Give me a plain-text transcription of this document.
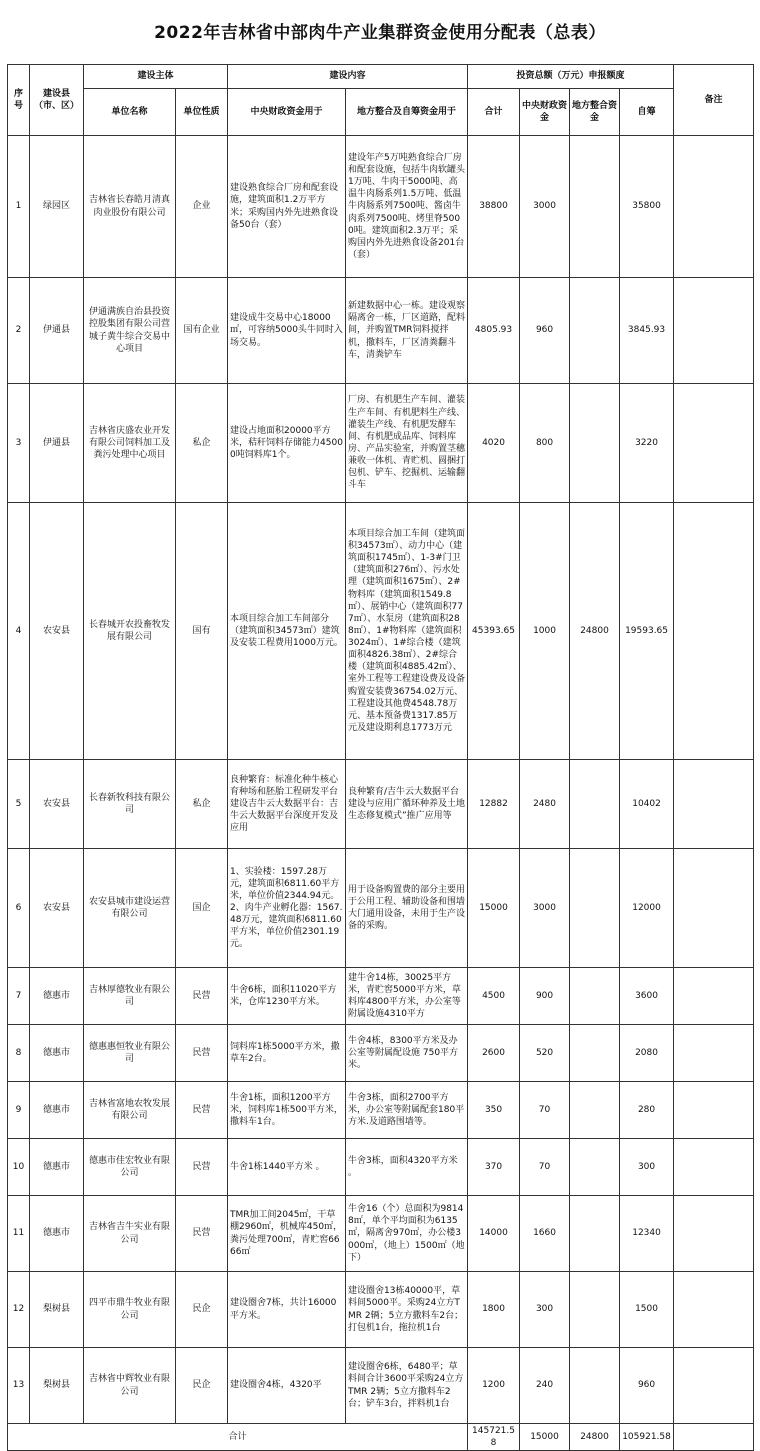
2022年吉林省中部肉牛产业集群资金使用分配表（总表）
序号	建设县（市、区）	建设主体		建设内容		投资总额（万元）申报额度				备注
		单位名称	单位性质	中央财政资金用于	地方整合及自筹资金用于	合计	中央财政资金	地方整合资金	自筹	
1	绿园区	吉林省长春皓月清真肉业股份有限公司	企业	建设熟食综合厂房和配套设施，建筑面积1.2万平方米；采购国内外先进熟食设备50台（套）	建设年产5万吨熟食综合厂房和配套设施，包括牛肉软罐头1万吨、牛肉干5000吨、高温牛肉肠系列1.5万吨、低温牛肉肠系列7500吨、酱卤牛肉系列7500吨、烤里脊5000吨。建筑面积2.3万平；采购国内外先进熟食设备201台（套）	38800	3000		35800	
2	伊通县	伊通满族自治县投资控股集团有限公司营城子黄牛综合交易中心项目	国有企业	建设成牛交易中心18000㎡，可容纳5000头牛同时入场交易。	新建数据中心一栋。建设观察隔离舍一栋，厂区道路，配料间，并购置TMR饲料搅拌机，撒料车，厂区清粪翻斗车，清粪铲车	4805.93	960		3845.93	
3	伊通县	吉林省庆盛农业开发有限公司饲料加工及粪污处理中心项目	私企	建设占地面积20000平方米，秸秆饲料存储能力45000吨饲料库1个。	厂房、有机肥生产车间、灌装生产车间、有机肥料生产线、灌装生产线、有机肥发酵车间、有机肥成品库、饲料库房、产品实验室，并购置茎穗兼收一体机、青贮机、圆捆打包机、铲车、挖掘机、运输翻斗车	4020	800		3220	
4	农安县	长春城开农投畜牧发展有限公司	国有	本项目综合加工车间部分（建筑面积34573㎡）建筑及安装工程费用1000万元。	本项目综合加工车间（建筑面积34573㎡）、动力中心（建筑面积1745㎡）、1-3#门卫（建筑面积276㎡）、污水处理（建筑面积1675㎡）、2#物料库（建筑面积1549.8㎡）、展销中心（建筑面积777㎡）、水泵房（建筑面积288㎡）、1#物料库（建筑面积3024㎡）、1#综合楼（建筑面积4826.38㎡）、2#综合楼（建筑面积4885.42㎡）、室外工程等工程建设费及设备购置安装费36754.02万元、工程建设其他费4548.78万元、基本预备费1317.85万元及建设期利息1773万元	45393.65	1000	24800	19593.65	
5	农安县	长春新牧科技有限公司	私企	良种繁育：标准化种牛核心育种场和胚胎工程研发平台建设吉牛云大数据平台：吉牛云大数据平台深度开发及应用	良种繁育/吉牛云大数据平台建设与应用广循环种养及土地生态修复模式”推广应用等	12882	2480		10402	
6	农安县	农安县城市建设运营有限公司	国企	1、实验楼：1597.28万元，建筑面积6811.60平方米，单位价值2344.94元。2、肉牛产业孵化器：1567.48万元，建筑面积6811.60平方米，单位价值2301.19元。	用于设备购置费的部分主要用于公用工程、辅助设备和围墙大门通用设备，未用于生产设备的采购。	15000	3000		12000	
7	德惠市	吉林厚德牧业有限公司	民营	牛舍6栋，面积11020平方米，仓库1230平方米。	建牛舍14栋，30025平方米，青贮窖5000平方米，草料库4800平方米，办公室等附属设施4310平方	4500	900		3600	
8	德惠市	德惠惠恒牧业有限公司	民营	饲料库1栋5000平方米，撒草车2台。	牛舍4栋，8300平方米及办公室等附属配设施 750平方米。	2600	520		2080	
9	德惠市	吉林省富地农牧发展有限公司	民营	牛舍1栋，面积1200平方米，饲料库1栋500平方米，撒料车1台。	牛舍3栋，面积2700平方米，办公室等附属配套180平方米.及道路围墙等。	350	70		280	
10	德惠市	德惠市佳宏牧业有限公司	民营	牛舍1栋1440平方米 。	牛舍3栋，面积4320平方米 。	370	70		300	
11	德惠市	吉林省吉牛实业有限公司	民营	TMR加工间2045㎡，干草棚2960㎡，机械库450㎡，粪污处理700㎡，青贮窖6666㎡	牛舍16（个）总面积为98148㎡，单个平均面积为6135㎡，隔离舍970㎡，办公楼3000㎡，（地上）1500㎡（地下）	14000	1660		12340	
12	梨树县	四平市鼎牛牧业有限公司	民企	建设圈舍7栋，共计16000平方米。	建设圈舍13栋40000平，草料间5000平。采购24立方TMR 2辆；5立方撒料车2台；打包机1台，拖拉机1台	1800	300		1500	
13	梨树县	吉林省中辉牧业有限公司	民企	建设圈舍4栋，4320平	建设圈舍6栋，6480平；草料间合计3600平采购24立方TMR 2辆；5立方撒料车2台；铲车3台，拌料机1台	1200	240		960	
合计						145721.58	15000	24800	105921.58	
